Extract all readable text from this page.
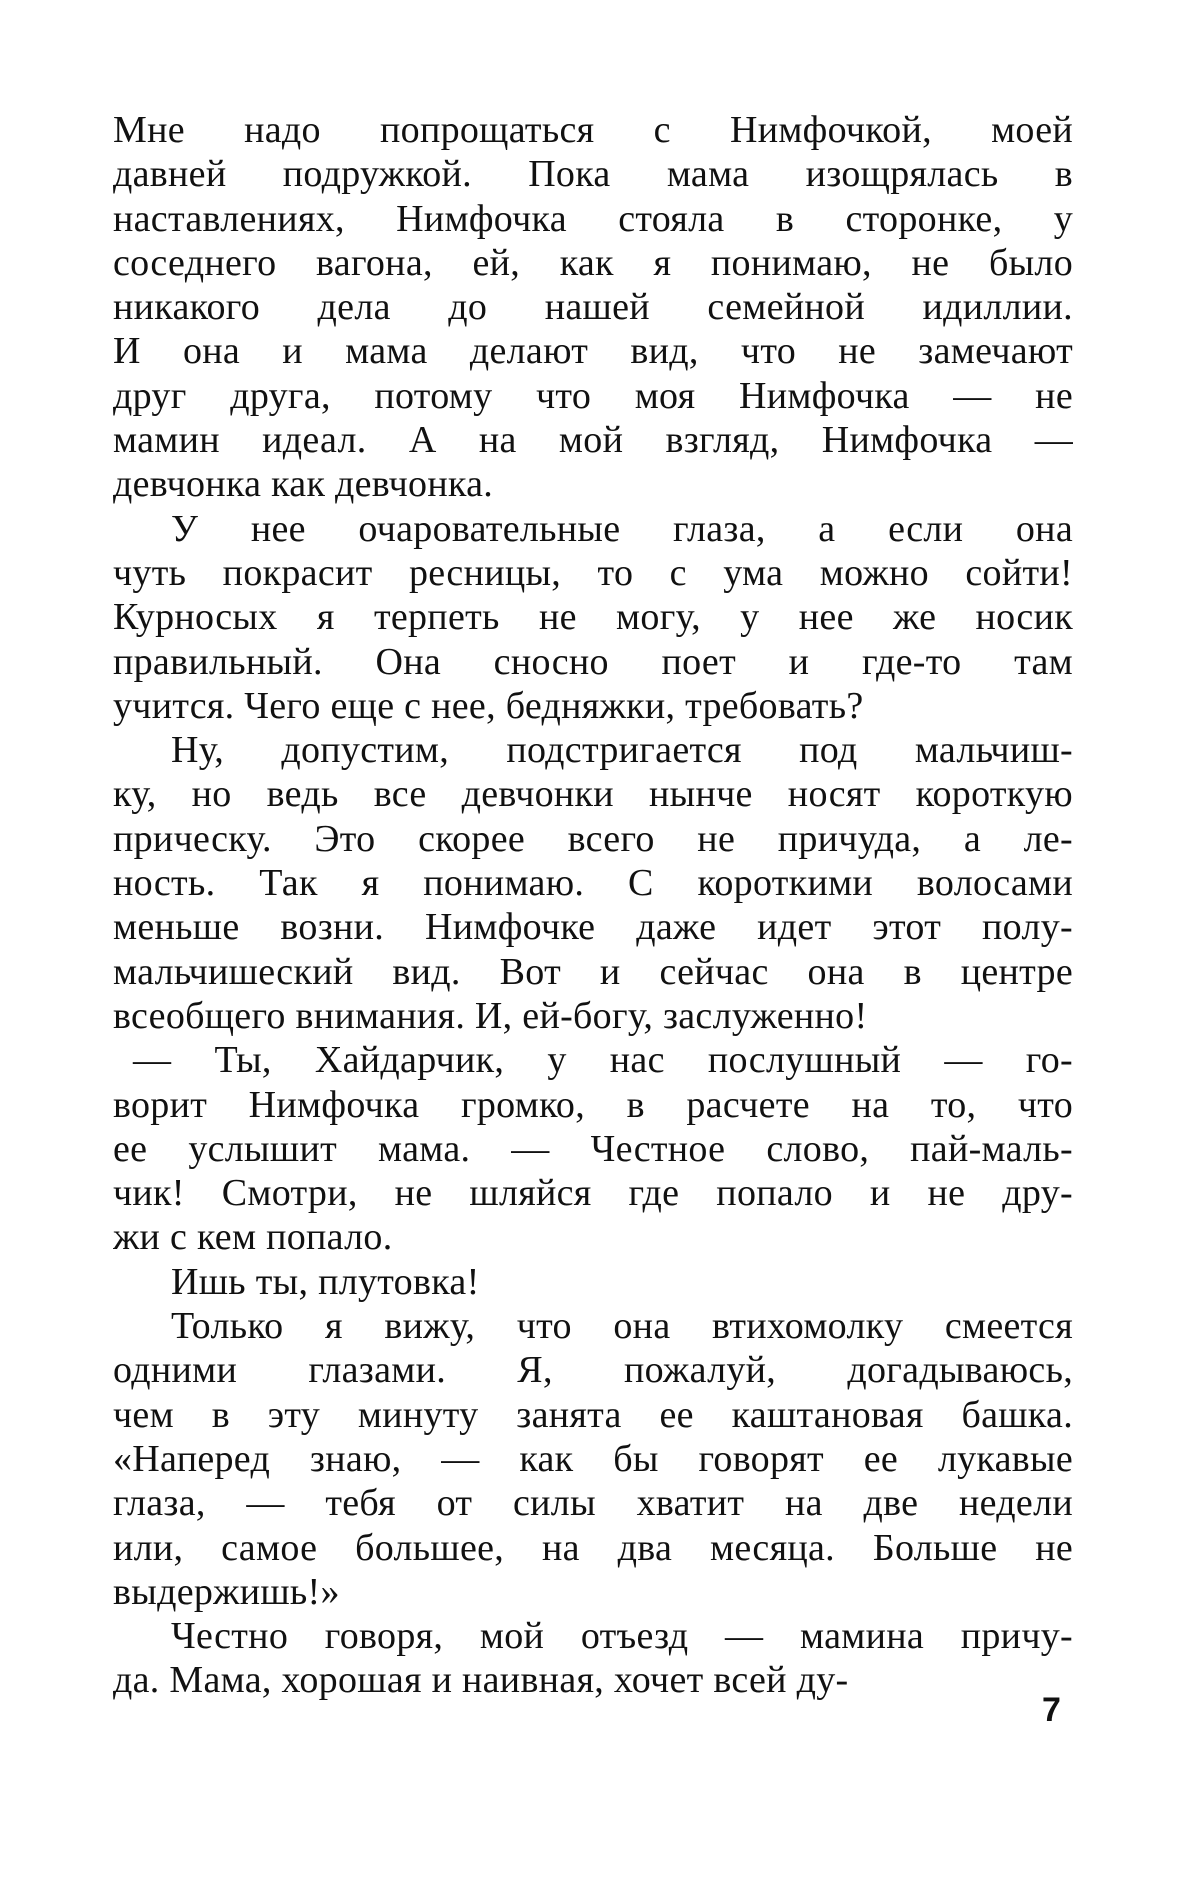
Мне надо попрощаться с Нимфочкой, моей
давней подружкой. Пока мама изощрялась в
наставлениях, Нимфочка стояла в сторонке, у
соседнего вагона, ей, как я понимаю, не было
никакого дела до нашей семейной идиллии.
И она и мама делают вид, что не замечают
друг друга, потому что моя Нимфочка — не
мамин идеал. А на мой взгляд, Нимфочка —
девчонка как девчонка.
У нее очаровательные глаза, а если она
чуть покрасит ресницы, то с ума можно сойти!
Курносых я терпеть не могу, у нее же носик
правильный. Она сносно поет и где-то там
учится. Чего еще с нее, бедняжки, требовать?
Ну, допустим, подстригается под мальчиш-
ку, но ведь все девчонки нынче носят короткую
прическу. Это скорее всего не причуда, а ле-
ность. Так я понимаю. С короткими волосами
меньше возни. Нимфочке даже идет этот полу-
мальчишеский вид. Вот и сейчас она в центре
всеобщего внимания. И, ей-богу, заслуженно!
— Ты, Хайдарчик, у нас послушный — го-
ворит Нимфочка громко, в расчете на то, что
ее услышит мама. — Честное слово, пай-маль-
чик! Смотри, не шляйся где попало и не дру-
жи с кем попало.
Ишь ты, плутовка!
Только я вижу, что она втихомолку смеется
одними глазами. Я, пожалуй, догадываюсь,
чем в эту минуту занята ее каштановая башка.
«Наперед знаю, — как бы говорят ее лукавые
глаза, — тебя от силы хватит на две недели
или, самое большее, на два месяца. Больше не
выдержишь!»
Честно говоря, мой отъезд — мамина причу-
да. Мама, хорошая и наивная, хочет всей ду-
7
